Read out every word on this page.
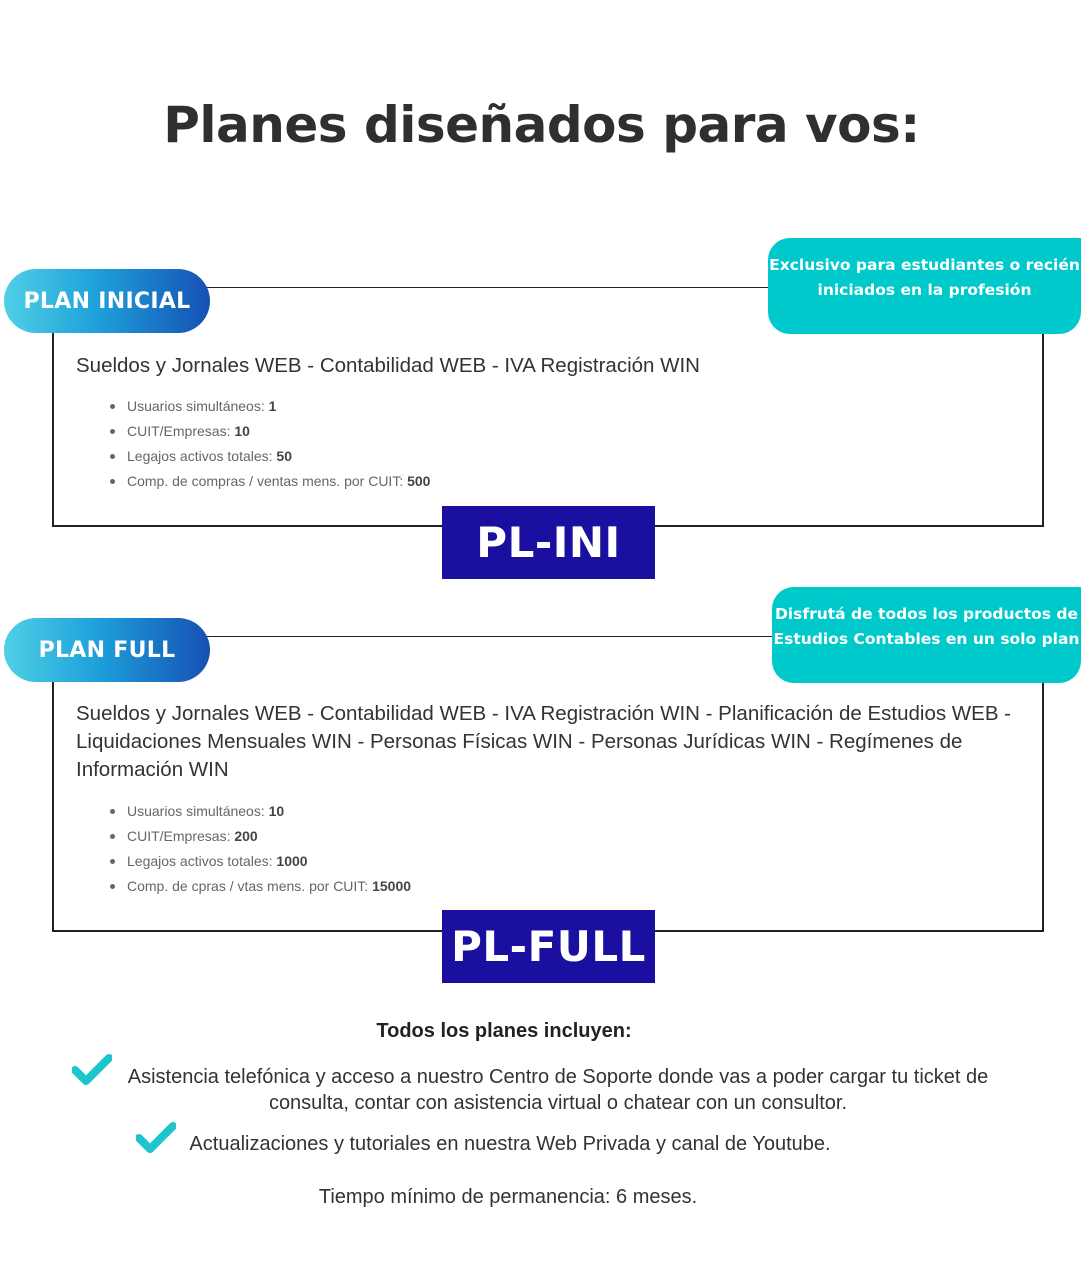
Planes diseñados para vos:
PLAN INICIAL
Exclusivo para estudiantes o recién
iniciados en la profesión

Sueldos y Jornales WEB - Contabilidad WEB - IVA Registración WIN

Usuarios simultáneos: 1
CUIT/Empresas: 10
Legajos activos totales: 50
Comp. de compras / ventas mens. por CUIT: 500
PL-INI
PLAN FULL
Disfrutá de todos los productos de
Estudios Contables en un solo plan

Sueldos y Jornales WEB - Contabilidad WEB - IVA Registración WIN - Planificación de Estudios WEB - Liquidaciones Mensuales WIN - Personas Físicas WIN - Personas Jurídicas WIN - Regímenes de Información WIN

Usuarios simultáneos: 10
CUIT/Empresas: 200
Legajos activos totales: 1000
Comp. de cpras / vtas mens. por CUIT: 15000
PL-FULL

Todos los planes incluyen:

Asistencia telefónica y acceso a nuestro Centro de Soporte donde vas a poder cargar tu ticket de
consulta, contar con asistencia virtual o chatear con un consultor.
Actualizaciones y tutoriales en nuestra Web Privada y canal de Youtube.
Tiempo mínimo de permanencia: 6 meses.
